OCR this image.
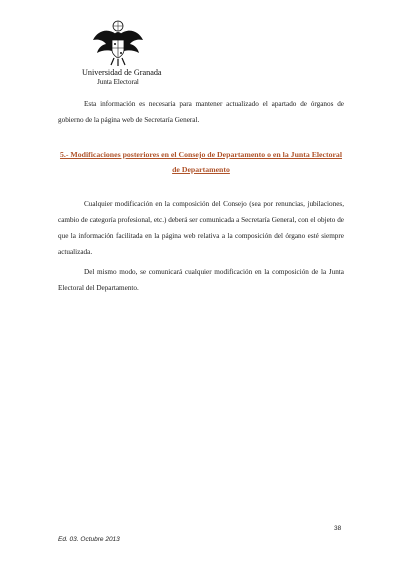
Universidad de Granada
Junta Electoral

Esta información es necesaria para mantener actualizado el apartado de órganos de gobierno de la página web de Secretaría General.

5.- Modificaciones posteriores en el Consejo de Departamento o en la Junta Electoral de Departamento

Cualquier modificación en la composición del Consejo (sea por renuncias, jubilaciones, cambio de categoría profesional, etc.) deberá ser comunicada a Secretaría General, con el objeto de que la información facilitada en la página web relativa a la composición del órgano esté siempre actualizada.

Del mismo modo, se comunicará cualquier modificación en la composición de la Junta Electoral del Departamento.

38
Ed. 03. Octubre 2013
